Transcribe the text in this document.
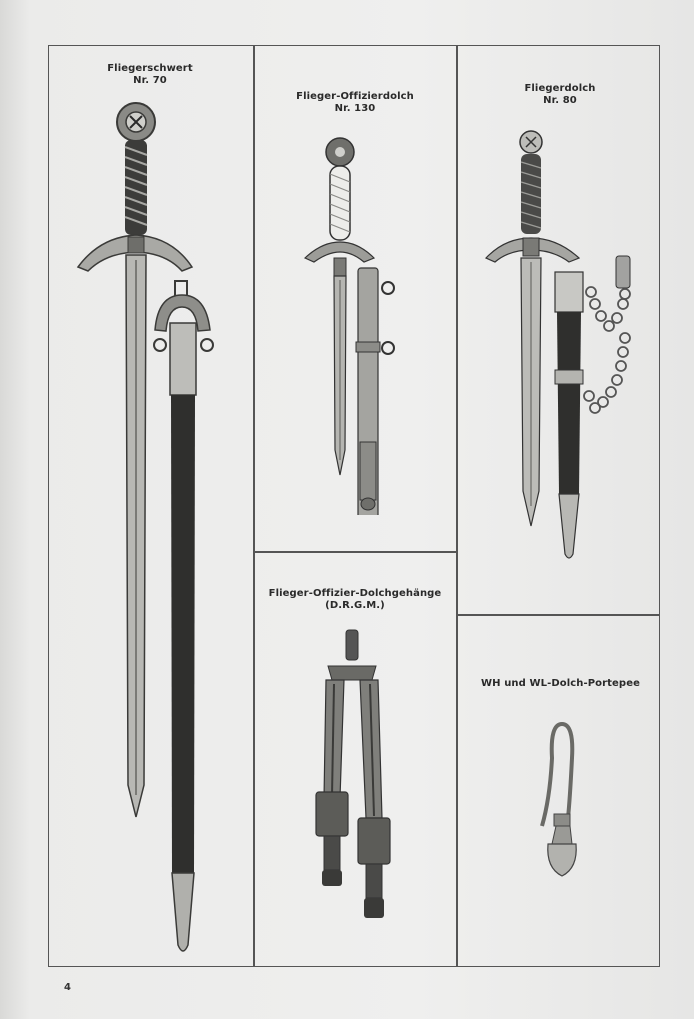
Fliegerschwert
Nr. 70
Flieger-Offizierdolch
Nr. 130
Fliegerdolch
Nr. 80
Flieger-Offizier-Dolchgehänge
(D.R.G.M.)
WH und WL-Dolch-Portepee
4
